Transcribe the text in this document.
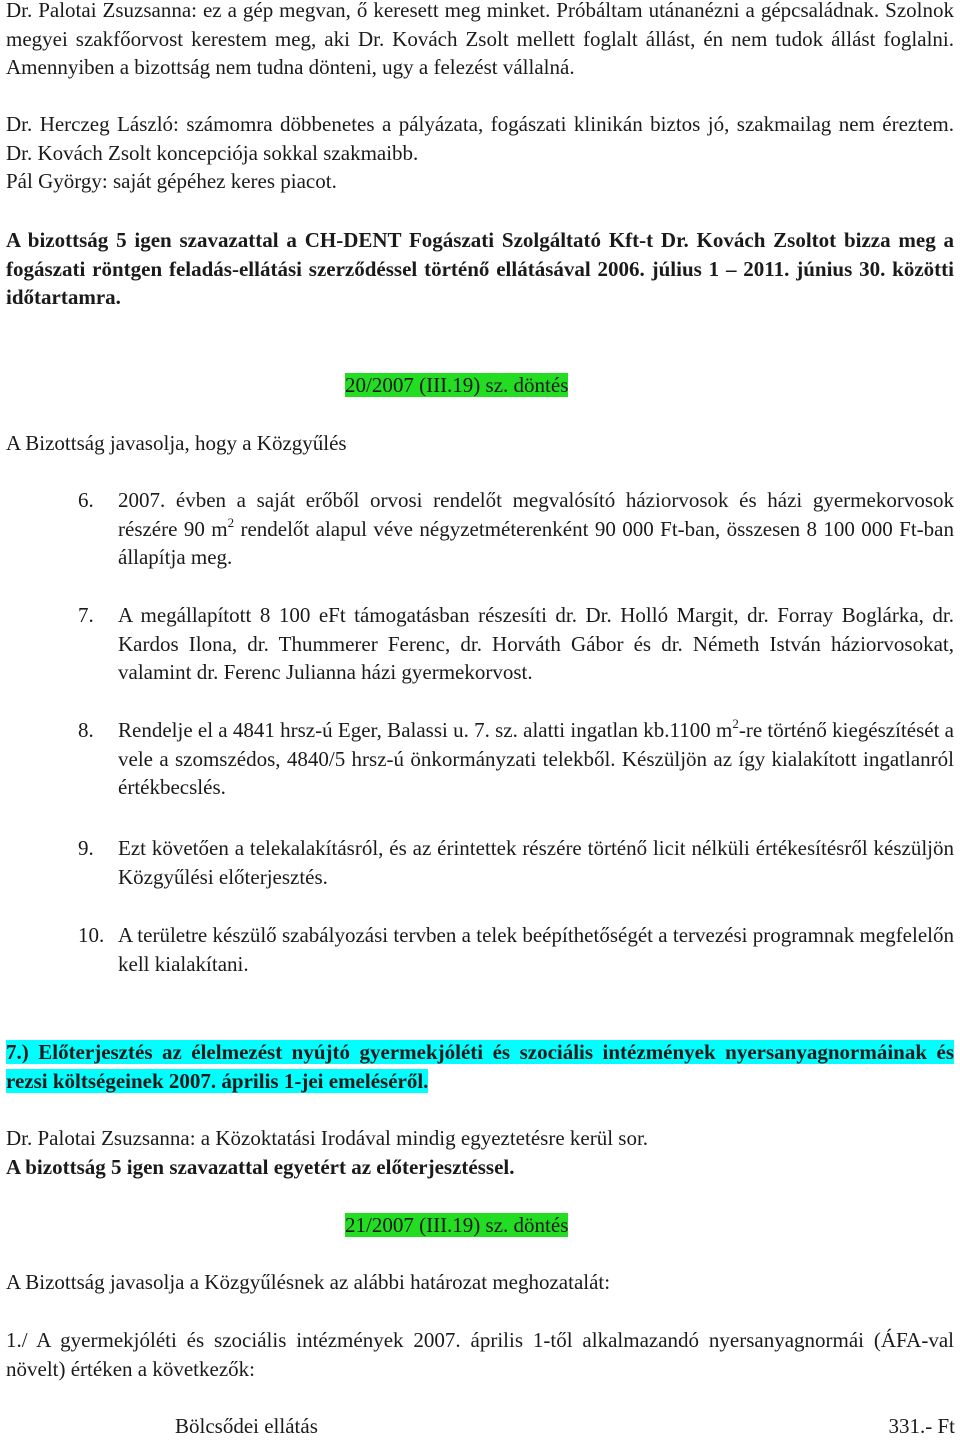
Dr. Palotai Zsuzsanna: ez a gép megvan, ő keresett meg minket. Próbáltam utánanézni a gépcsaládnak. Szolnok megyei szakfőorvost kerestem meg, aki Dr. Kovách Zsolt mellett foglalt állást, én nem tudok állást foglalni. Amennyiben a bizottság nem tudna dönteni, ugy a felezést vállalná.

Dr. Herczeg László: számomra döbbenetes a pályázata, fogászati klinikán biztos jó, szakmailag nem éreztem. Dr. Kovách Zsolt koncepciója sokkal szakmaibb.

Pál György: saját gépéhez keres piacot.

A bizottság 5 igen szavazattal a CH-DENT Fogászati Szolgáltató Kft-t Dr. Kovách Zsoltot bizza meg a fogászati röntgen feladás-ellátási szerződéssel történő ellátásával 2006. július 1 – 2011. június 30. közötti időtartamra.

20/2007 (III.19) sz. döntés

A Bizottság javasolja, hogy a Közgyűlés

6. 2007. évben a saját erőből orvosi rendelőt megvalósító háziorvosok és házi gyermekorvosok részére 90 $m^2$ rendelőt alapul véve négyzetméterenként 90 000 Ft-ban, összesen 8 100 000 Ft-ban állapítja meg.
7. A megállapított 8 100 eFt támogatásban részesíti dr. Dr. Holló Margit, dr. Forray Boglárka, dr. Kardos Ilona, dr. Thummerer Ferenc, dr. Horváth Gábor és dr. Németh István háziorvosokat, valamint dr. Ferenc Julianna házi gyermekorvost.
8. Rendelje el a 4841 hrsz-ú Eger, Balassi u. 7. sz. alatti ingatlan kb.1100 $m^2-re$ történő kiegészítését a vele a szomszédos, 4840/5 hrsz-ú önkormányzati telekből. Készüljön az így kialakított ingatlanról értékbecslés.
9. Ezt követően a telekalakításról, és az érintettek részére történő licit nélküli értékesítésről készüljön Közgyűlési előterjesztés.
10. A területre készülő szabályozási tervben a telek beépíthetőségét a tervezési programnak megfelelőn kell kialakítani.

7.) Előterjesztés az élelmezést nyújtó gyermekjóléti és szociális intézmények nyersanyagnormáinak és rezsi költségeinek 2007. április 1-jei emeléséről.

Dr. Palotai Zsuzsanna: a Közoktatási Irodával mindig egyeztetésre kerül sor.

A bizottság 5 igen szavazattal egyetért az előterjesztéssel.

21/2007 (III.19) sz. döntés

A Bizottság javasolja a Közgyűlésnek az alábbi határozat meghozatalát:

1./ A gyermekjóléti és szociális intézmények 2007. április 1-től alkalmazandó nyersanyagnormái (ÁFA-val növelt) értéken a következők:

Bölcsődei ellátás	331.- Ft
